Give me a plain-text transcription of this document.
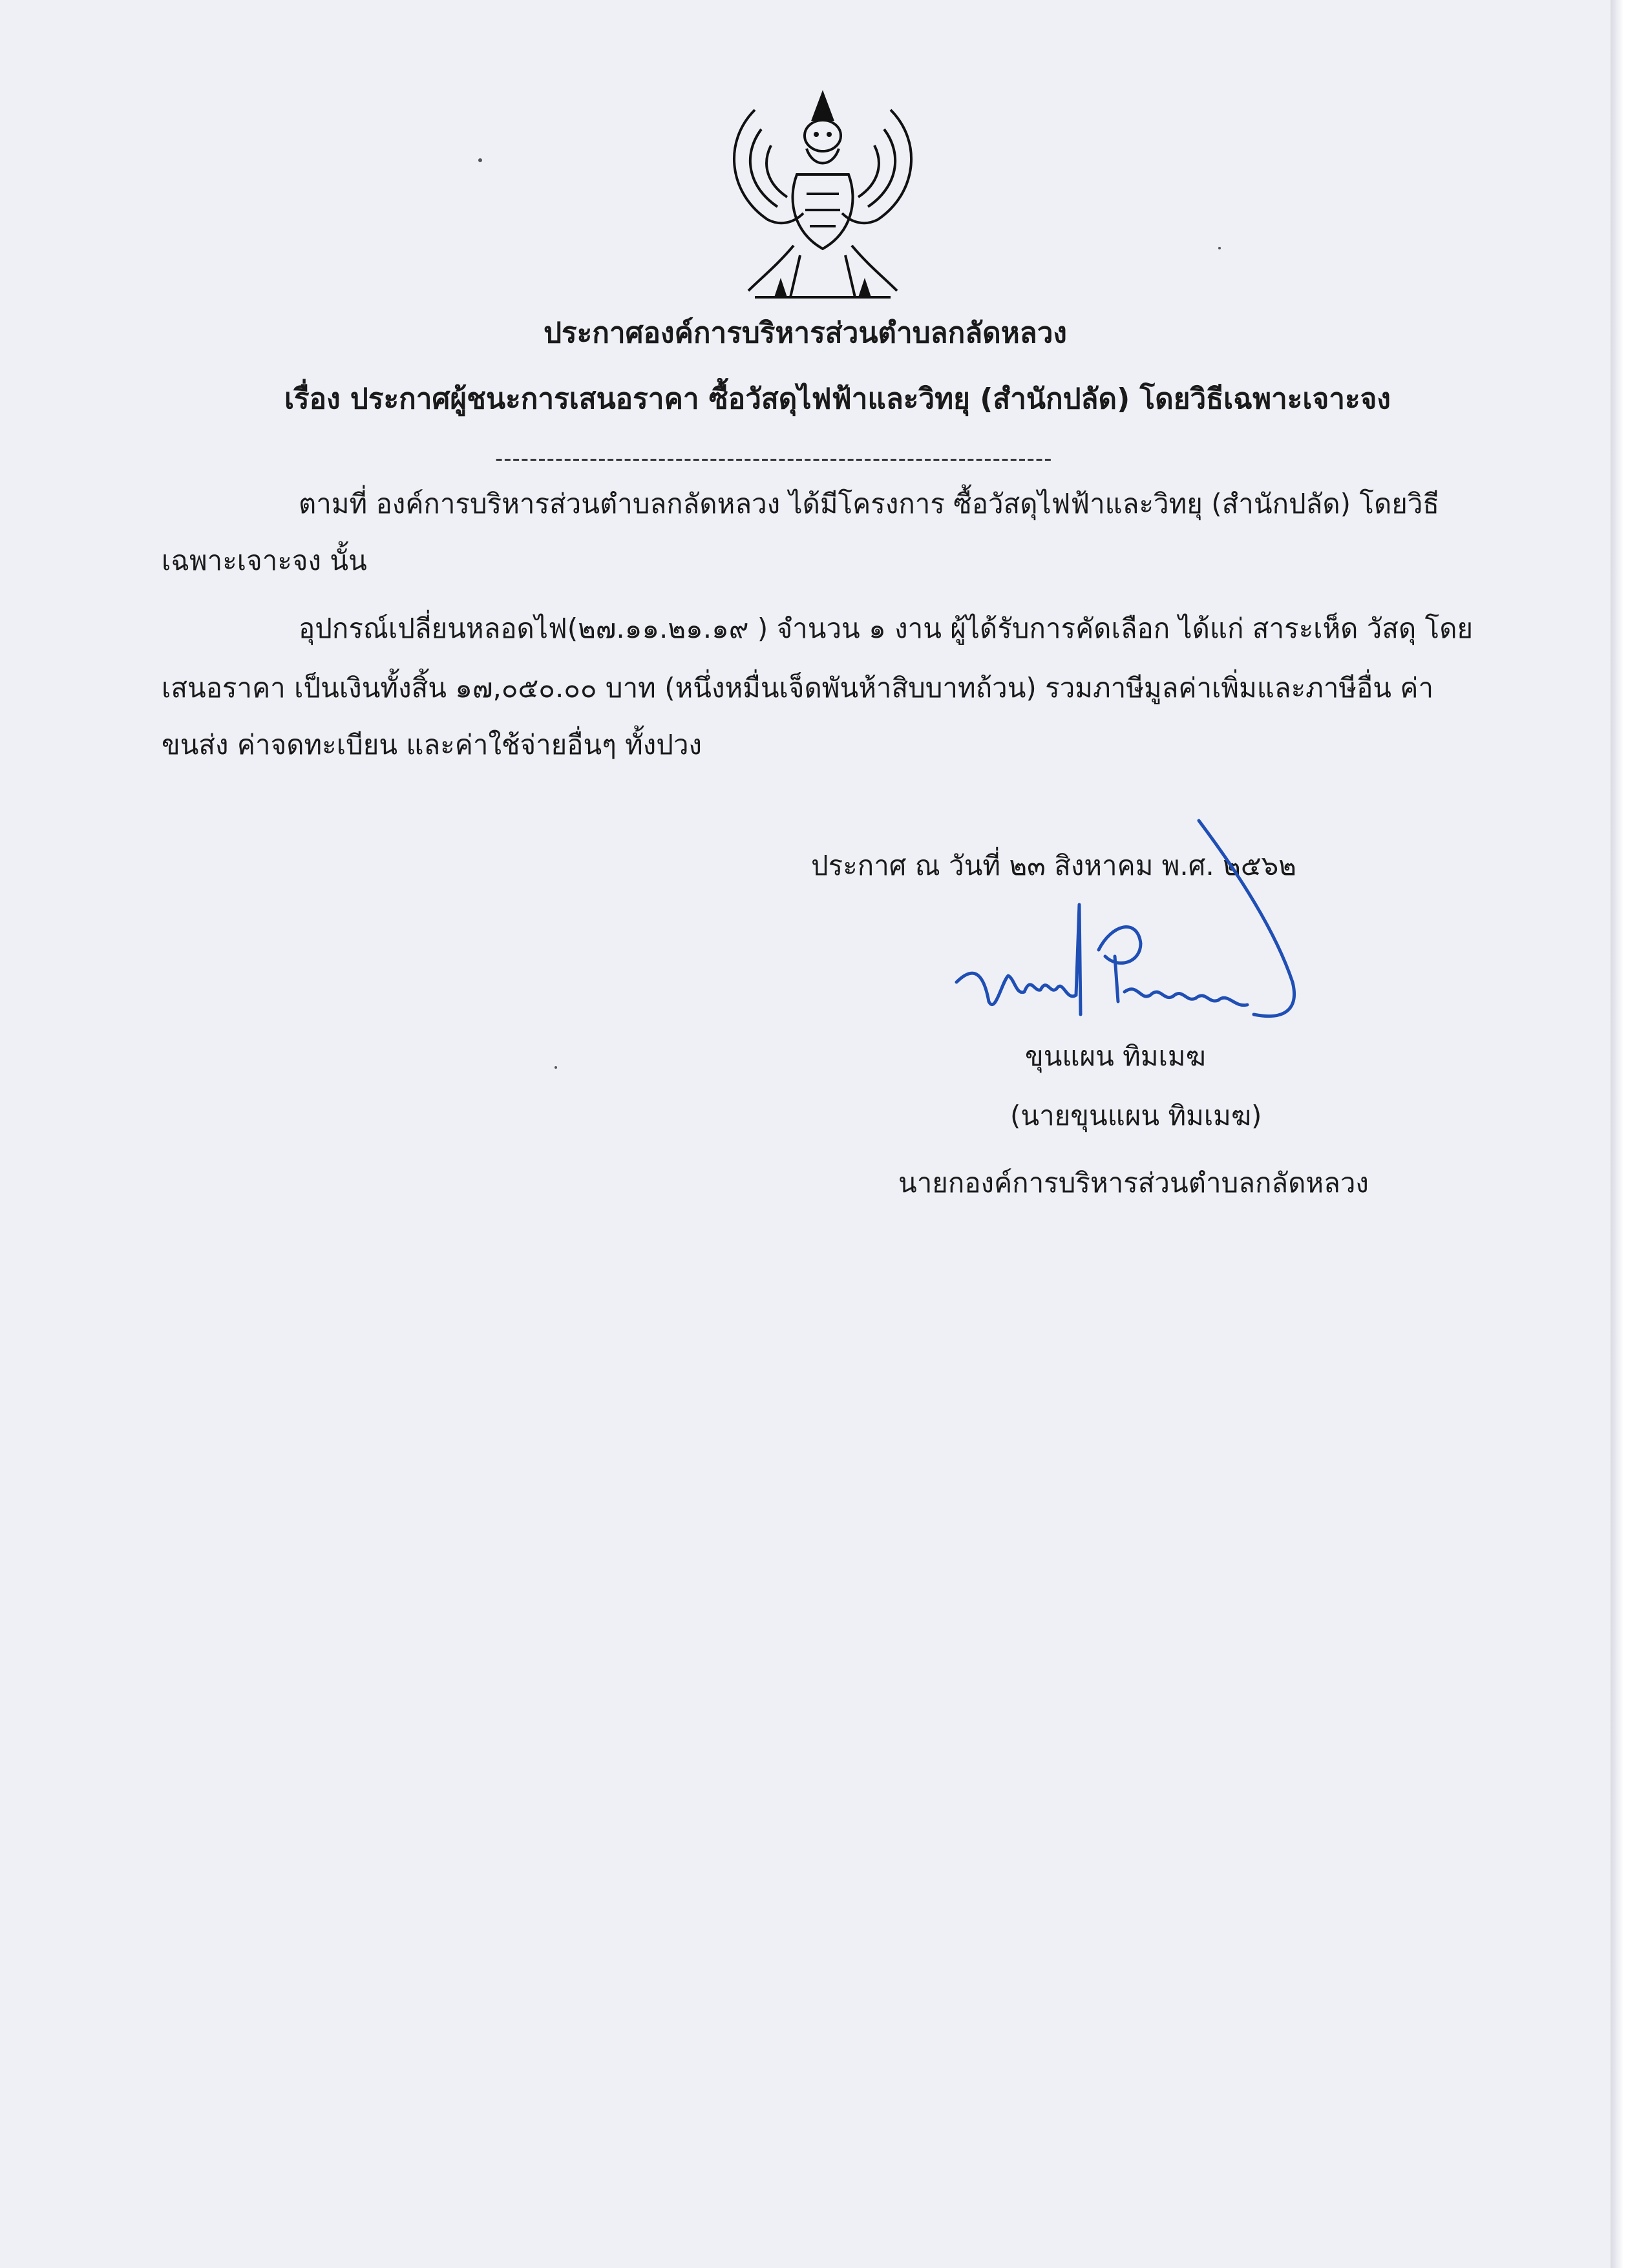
ประกาศองค์การบริหารส่วนตำบลกลัดหลวง
เรื่อง ประกาศผู้ชนะการเสนอราคา ซื้อวัสดุไฟฟ้าและวิทยุ (สำนักปลัด) โดยวิธีเฉพาะเจาะจง
-----------------------------------------------------------------
ตามที่ องค์การบริหารส่วนตำบลกลัดหลวง ได้มีโครงการ ซื้อวัสดุไฟฟ้าและวิทยุ (สำนักปลัด) โดยวิธี
เฉพาะเจาะจง นั้น
อุปกรณ์เปลี่ยนหลอดไฟ(๒๗.๑๑.๒๑.๑๙ ) จำนวน ๑ งาน ผู้ได้รับการคัดเลือก ได้แก่ สาระเห็ด วัสดุ โดย
เสนอราคา เป็นเงินทั้งสิ้น ๑๗,๐๕๐.๐๐ บาท (หนึ่งหมื่นเจ็ดพันห้าสิบบาทถ้วน) รวมภาษีมูลค่าเพิ่มและภาษีอื่น ค่า
ขนส่ง ค่าจดทะเบียน และค่าใช้จ่ายอื่นๆ ทั้งปวง
ประกาศ ณ วันที่ ๒๓ สิงหาคม พ.ศ. ๒๕๖๒
ขุนแผน ทิมเมฆ
(นายขุนแผน ทิมเมฆ)
นายกองค์การบริหารส่วนตำบลกลัดหลวง
